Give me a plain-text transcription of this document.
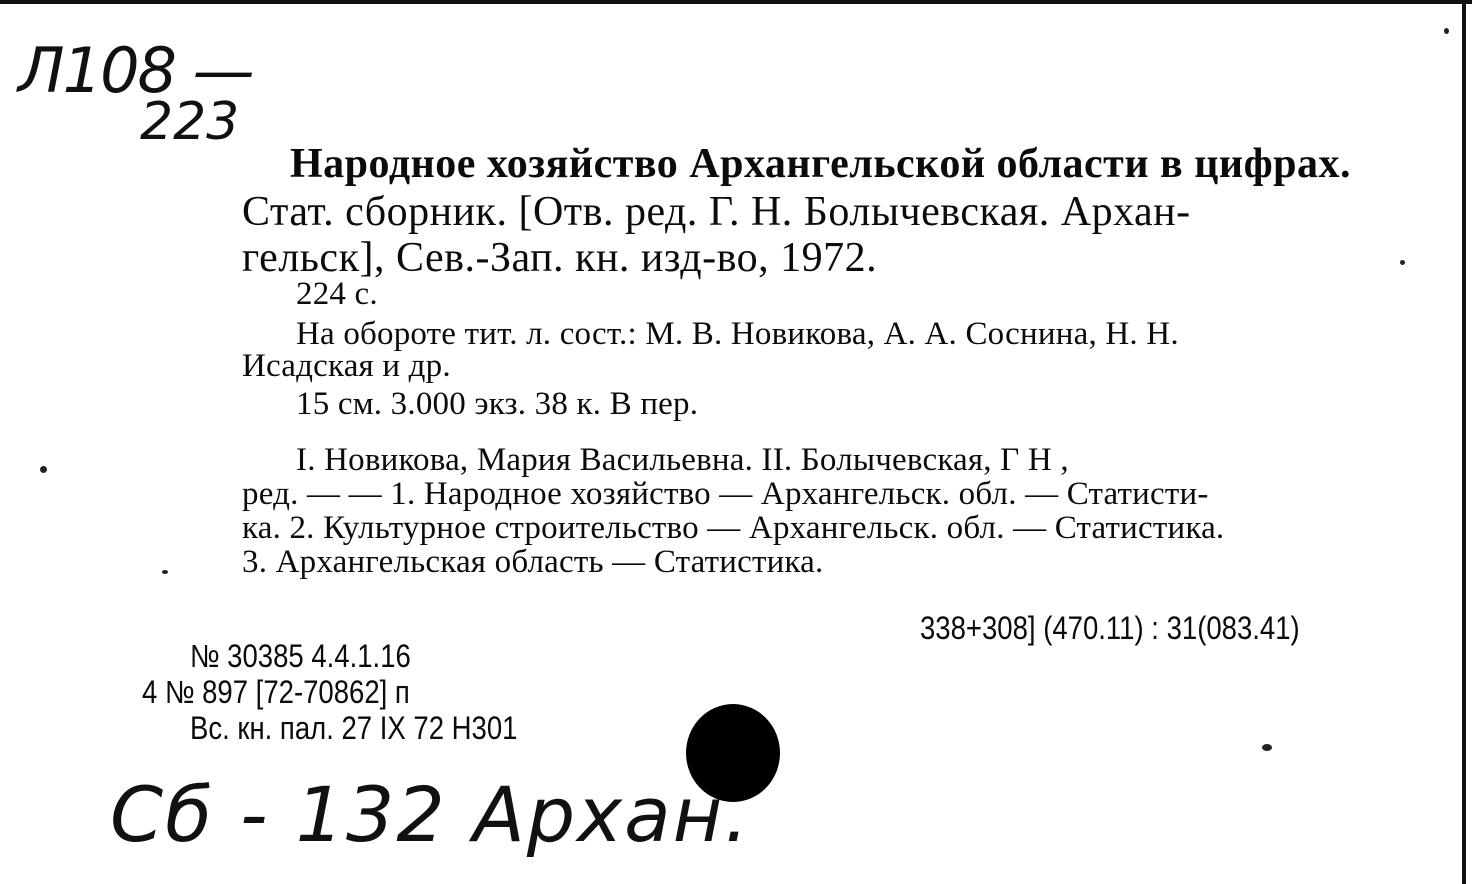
Л108 —
223
Народное хозяйство Архангельской области в цифрах.
Стат. сборник. [Отв. ред. Г. Н. Болычевская. Архан-
гельск], Сев.-Зап. кн. изд-во, 1972.
224 с.
На обороте тит. л. сост.: М. В. Новикова, А. А. Соснина, Н. Н.
Исадская и др.
15 см. 3.000 экз. 38 к. В пер.
I. Новикова, Мария Васильевна. II. Болычевская, Г Н ,
ред. — — 1. Народное хозяйство — Архангельск. обл. — Статисти-
ка. 2. Культурное строительство — Архангельск. обл. — Статистика.
3. Архангельская область — Статистика.
338+308] (470.11) : 31(083.41)
№ 30385 4.4.1.16
4 № 897 [72-70862] п
Вс. кн. пал. 27 IX 72 Н301
Сб - 132 Архан.
